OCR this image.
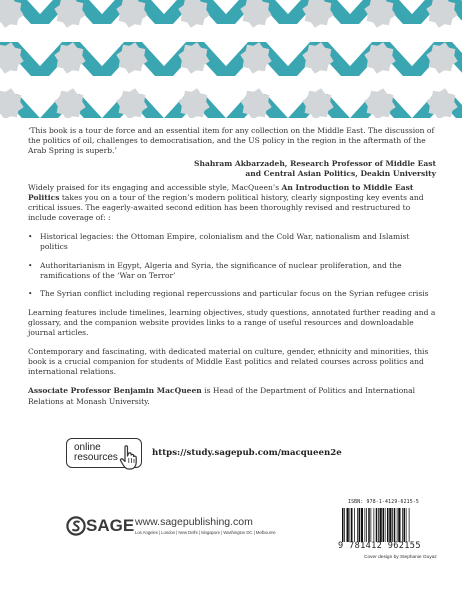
‘This book is a tour de force and an essential item for any collection on the Middle East. The discussion of the politics of oil, challenges to democratisation, and the US policy in the region in the aftermath of the Arab Spring is superb.’

Shahram Akbarzadeh, Research Professor of Middle East
and Central Asian Politics, Deakin University

Widely praised for its engaging and accessible style, MacQueen’s An Introduction to Middle East Politics takes you on a tour of the region’s modern political history, clearly signposting key events and critical issues. The eagerly-awaited second edition has been thoroughly revised and restructured to include coverage of: :

• Historical legacies: the Ottoman Empire, colonialism and the Cold War, nationalism and Islamist politics
• Authoritarianism in Egypt, Algeria and Syria, the significance of nuclear proliferation, and the ramifications of the ‘War on Terror’
• The Syrian conflict including regional repercussions and particular focus on the Syrian refugee crisis

Learning features include timelines, learning objectives, study questions, annotated further reading and a glossary, and the companion website provides links to a range of useful resources and downloadable journal articles.

Contemporary and fascinating, with dedicated material on culture, gender, ethnicity and minorities, this book is a crucial companion for students of Middle East politics and related courses across politics and international relations.

Associate Professor Benjamin MacQueen is Head of the Department of Politics and International Relations at Monash University.

online
resources	https://study.sagepub.com/macqueen2e
SAGE www.sagepublishing.com
Los Angeles | London | New Delhi | Singapore | Washington DC | Melbourne
ISBN: 978-1-4129-6215-5
9 781412 962155
Cover design by Stephanie Guyaz
